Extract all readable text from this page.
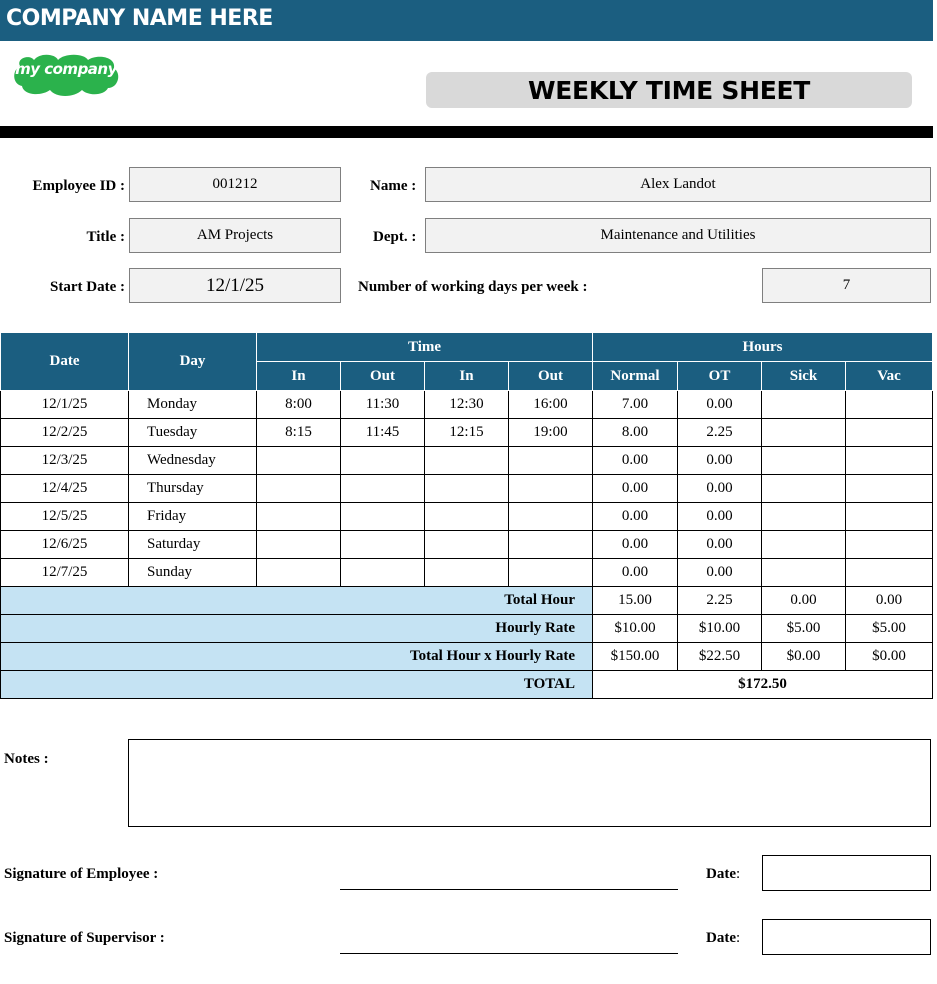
COMPANY NAME HERE
my company
WEEKLY TIME SHEET
Employee ID :	001212	Name :	Alex Landot
Title :	AM Projects	Dept. :	Maintenance and Utilities
Start Date :	12/1/25	Number of working days per week :	7
Date	Day	Time				Hours			
		In	Out	In	Out	Normal	OT	Sick	Vac
12/1/25	Monday	8:00	11:30	12:30	16:00	7.00	0.00		
12/2/25	Tuesday	8:15	11:45	12:15	19:00	8.00	2.25		
12/3/25	Wednesday					0.00	0.00		
12/4/25	Thursday					0.00	0.00		
12/5/25	Friday					0.00	0.00		
12/6/25	Saturday					0.00	0.00		
12/7/25	Sunday					0.00	0.00		
Total Hour						15.00	2.25	0.00	0.00
Hourly Rate						$10.00	$10.00	$5.00	$5.00
Total Hour x Hourly Rate						$150.00	$22.50	$0.00	$0.00
TOTAL						$172.50			
Notes :
Signature of Employee :	Date:
Signature of Supervisor :	Date:
